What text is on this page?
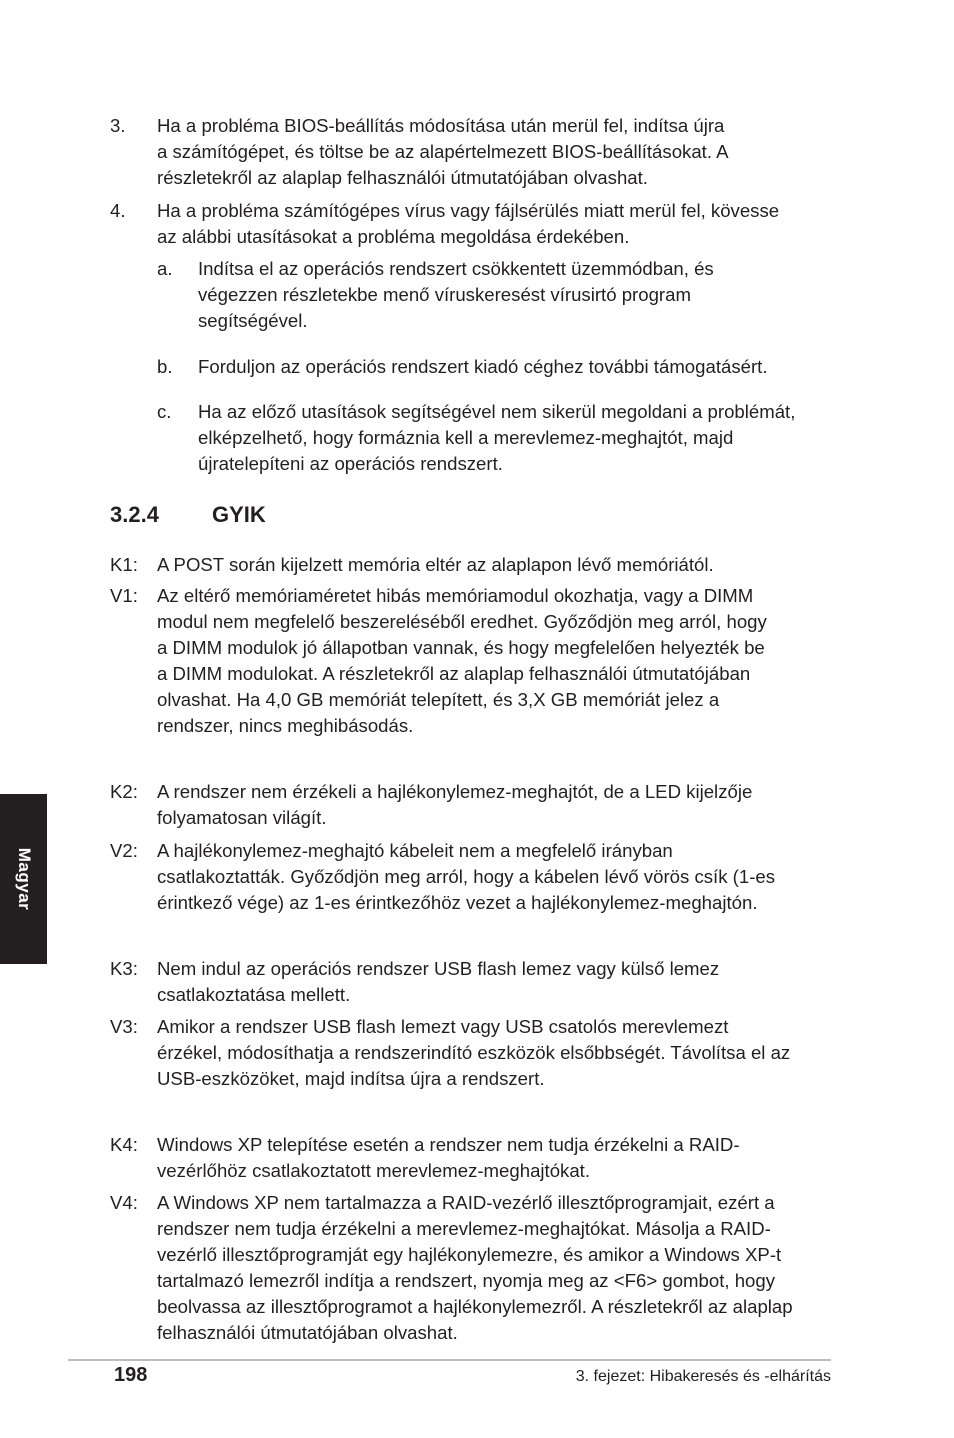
3. Ha a probléma BIOS-beállítás módosítása után merül fel, indítsa újra
a számítógépet, és töltse be az alapértelmezett BIOS-beállításokat. A
részletekről az alaplap felhasználói útmutatójában olvashat.
4. Ha a probléma számítógépes vírus vagy fájlsérülés miatt merül fel, kövesse
az alábbi utasításokat a probléma megoldása érdekében.
a. Indítsa el az operációs rendszert csökkentett üzemmódban, és
végezzen részletekbe menő víruskeresést vírusirtó program
segítségével.
b. Forduljon az operációs rendszert kiadó céghez további támogatásért.
c. Ha az előző utasítások segítségével nem sikerül megoldani a problémát,
elképzelhető, hogy formáznia kell a merevlemez-meghajtót, majd
újratelepíteni az operációs rendszert.
3.2.4 GYIK
K1: A POST során kijelzett memória eltér az alaplapon lévő memóriától.
V1: Az eltérő memóriaméretet hibás memóriamodul okozhatja, vagy a DIMM
modul nem megfelelő beszereléséből eredhet. Győződjön meg arról, hogy
a DIMM modulok jó állapotban vannak, és hogy megfelelően helyezték be
a DIMM modulokat. A részletekről az alaplap felhasználói útmutatójában
olvashat. Ha 4,0 GB memóriát telepített, és 3,X GB memóriát jelez a
rendszer, nincs meghibásodás.
K2: A rendszer nem érzékeli a hajlékonylemez-meghajtót, de a LED kijelzője
folyamatosan világít.
V2: A hajlékonylemez-meghajtó kábeleit nem a megfelelő irányban
csatlakoztatták. Győződjön meg arról, hogy a kábelen lévő vörös csík (1-es
érintkező vége) az 1-es érintkezőhöz vezet a hajlékonylemez-meghajtón.
K3: Nem indul az operációs rendszer USB flash lemez vagy külső lemez
csatlakoztatása mellett.
V3: Amikor a rendszer USB flash lemezt vagy USB csatolós merevlemezt
érzékel, módosíthatja a rendszerindító eszközök elsőbbségét. Távolítsa el az
USB-eszközöket, majd indítsa újra a rendszert.
K4: Windows XP telepítése esetén a rendszer nem tudja érzékelni a RAID-
vezérlőhöz csatlakoztatott merevlemez-meghajtókat.
V4: A Windows XP nem tartalmazza a RAID-vezérlő illesztőprogramjait, ezért a
rendszer nem tudja érzékelni a merevlemez-meghajtókat. Másolja a RAID-
vezérlő illesztőprogramját egy hajlékonylemezre, és amikor a Windows XP-t
tartalmazó lemezről indítja a rendszert, nyomja meg az <F6> gombot, hogy
beolvassa az illesztőprogramot a hajlékonylemezről. A részletekről az alaplap
felhasználói útmutatójában olvashat.
Magyar
198	3. fejezet: Hibakeresés és -elhárítás
